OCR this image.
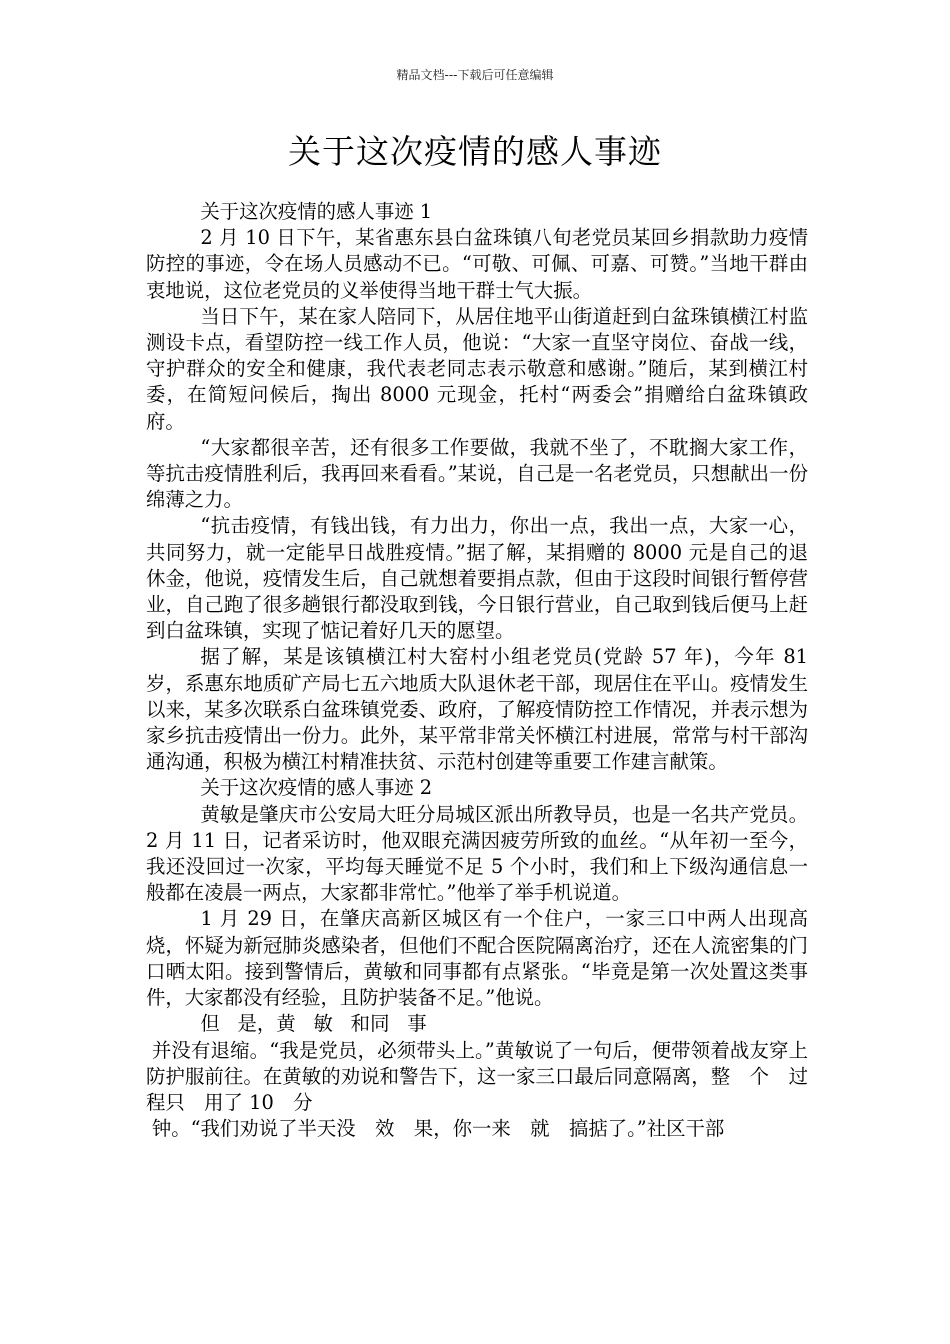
精品文档---下载后可任意编辑
关于这次疫情的感人事迹

关于这次疫情的感人事迹 1

2 月 10 日下午，某省惠东县白盆珠镇八旬老党员某回乡捐款助力疫情防控的事迹，令在场人员感动不已。“可敬、可佩、可嘉、可赞。”当地干群由衷地说，这位老党员的义举使得当地干群士气大振。

当日下午，某在家人陪同下，从居住地平山街道赶到白盆珠镇横江村监测设卡点，看望防控一线工作人员，他说：“大家一直坚守岗位、奋战一线，守护群众的安全和健康，我代表老同志表示敬意和感谢。”随后，某到横江村委，在简短问候后，掏出 8000 元现金，托村“两委会”捐赠给白盆珠镇政府。

“大家都很辛苦，还有很多工作要做，我就不坐了，不耽搁大家工作，等抗击疫情胜利后，我再回来看看。”某说，自己是一名老党员，只想献出一份绵薄之力。

“抗击疫情，有钱出钱，有力出力，你出一点，我出一点，大家一心，共同努力，就一定能早日战胜疫情。”据了解，某捐赠的 8000 元是自己的退休金，他说，疫情发生后，自己就想着要捐点款，但由于这段时间银行暂停营业，自己跑了很多趟银行都没取到钱，今日银行营业，自己取到钱后便马上赶到白盆珠镇，实现了惦记着好几天的愿望。

据了解，某是该镇横江村大窑村小组老党员(党龄 57 年)，今年 81 岁，系惠东地质矿产局七五六地质大队退休老干部，现居住在平山。疫情发生以来，某多次联系白盆珠镇党委、政府，了解疫情防控工作情况，并表示想为家乡抗击疫情出一份力。此外，某平常非常关怀横江村进展，常常与村干部沟通沟通，积极为横江村精准扶贫、示范村创建等重要工作建言献策。

关于这次疫情的感人事迹 2

黄敏是肇庆市公安局大旺分局城区派出所教导员，也是一名共产党员。2 月 11 日，记者采访时，他双眼充满因疲劳所致的血丝。“从年初一至今，我还没回过一次家，平均每天睡觉不足 5 个小时，我们和上下级沟通信息一般都在凌晨一两点，大家都非常忙。”他举了举手机说道。

1 月 29 日，在肇庆高新区城区有一个住户，一家三口中两人出现高烧，怀疑为新冠肺炎感染者，但他们不配合医院隔离治疗，还在人流密集的门口晒太阳。接到警情后，黄敏和同事都有点紧张。“毕竟是第一次处置这类事件，大家都没有经验，且防护装备不足。”他说。

但 是，黄 敏 和同 事

并没有退缩。“我是党员，必须带头上。”黄敏说了一句后，便带领着战友穿上防护服前往。在黄敏的劝说和警告下，这一家三口最后同意隔离，整　个　过程只　用了 10　分

钟。“我们劝说了半天没　效　果，你一来　就　搞掂了。”社区干部
